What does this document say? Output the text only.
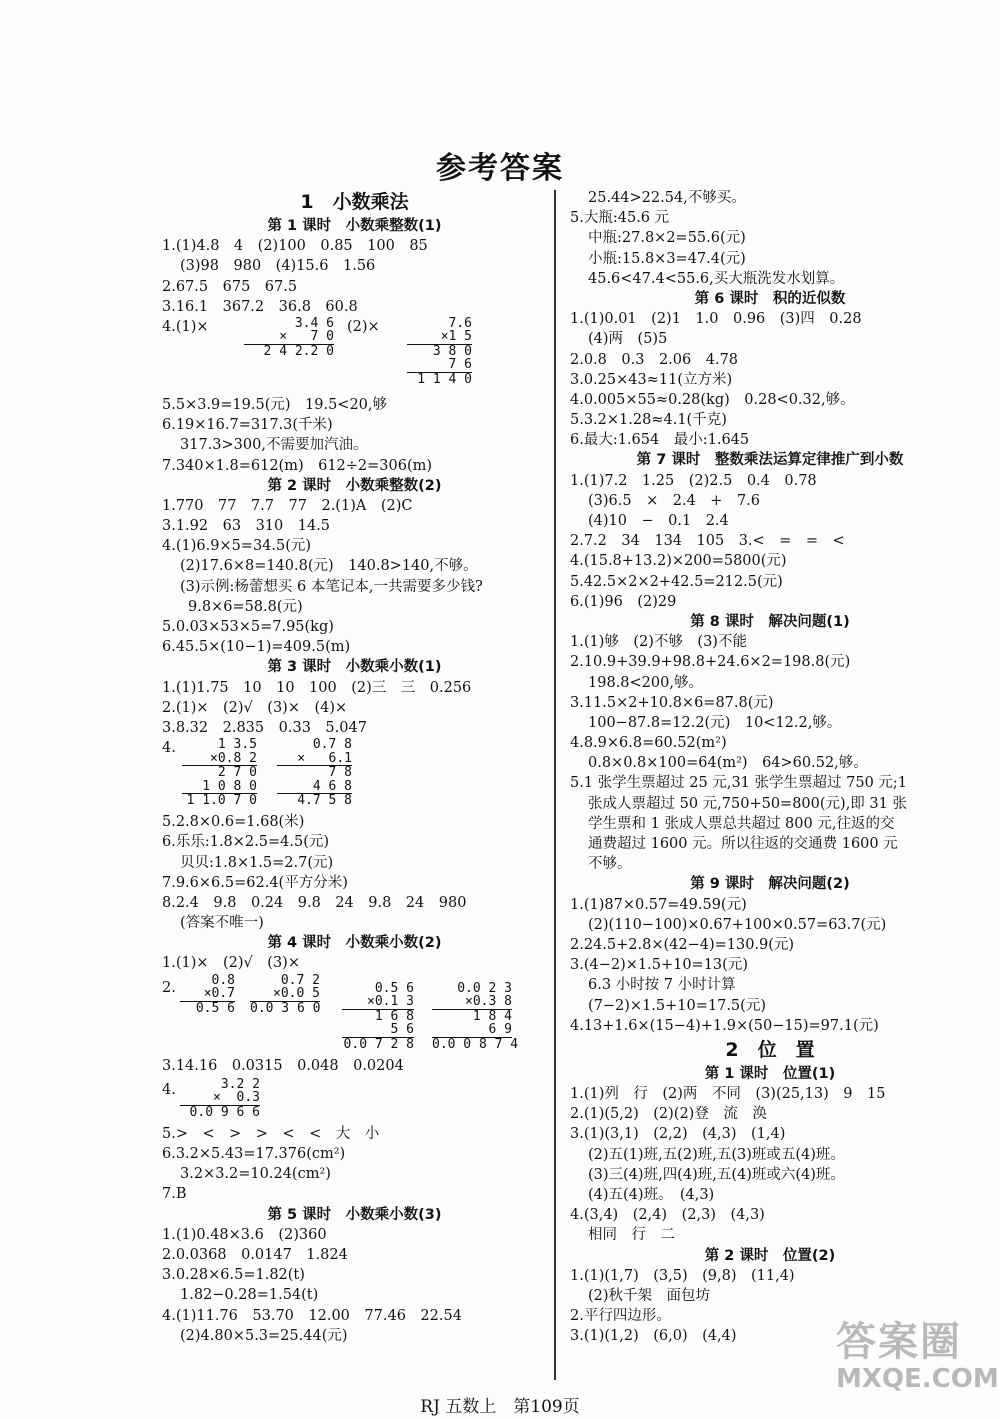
参考答案
1　小数乘法
第 1 课时　小数乘整数(1)
1.(1)4.8　4　(2)100　0.85　100　85
(3)98　980　(4)15.6　1.56
2.67.5　675　67.5
3.16.1　367.2　36.8　60.8
4.(1)×	3.4 6
×   7 0
2 4 2.2 0
(2)×	7.6
×1 5
3 8 0
7 6
1 1 4 0
5.5×3.9=19.5(元)　19.5<20,够
6.19×16.7=317.3(千米)
317.3>300,不需要加汽油。
7.340×1.8=612(m)　612÷2=306(m)
第 2 课时　小数乘整数(2)
1.770　77　7.7　77　2.(1)A　(2)C
3.1.92　63　310　14.5
4.(1)6.9×5=34.5(元)
(2)17.6×8=140.8(元)　140.8>140,不够。
(3)示例:杨蕾想买 6 本笔记本,一共需要多少钱?
9.8×6=58.8(元)
5.0.03×53×5=7.95(kg)
6.45.5×(10−1)=409.5(m)
第 3 课时　小数乘小数(1)
1.(1)1.75　10　10　100　(2)三　三　0.256
2.(1)×　(2)√　(3)×　(4)×
3.8.32　2.835　0.33　5.047
4.	1 3.5
×0.8 2
2 7 0
1 0 8 0
1 1.0 7 0
0.7 8
×   6.1
7 8
4 6 8
4.7 5 8
5.2.8×0.6=1.68(米)
6.乐乐:1.8×2.5=4.5(元)
贝贝:1.8×1.5=2.7(元)
7.9.6×6.5=62.4(平方分米)
8.2.4　9.8　0.24　9.8　24　9.8　24　980
(答案不唯一)
第 4 课时　小数乘小数(2)
1.(1)×　(2)√　(3)×
2.	0.8
×0.7
0.5 6
0.7 2
×0.0 5
0.0 3 6 0
0.5 6
×0.1 3
1 6 8
5 6
0.0 7 2 8
0.0 2 3
×0.3 8
1 8 4
6 9
0.0 0 8 7 4
3.14.16　0.0315　0.048　0.0204
4.	3.2 2
×  0.3
0.0 9 6 6
5.>　<　>　>　<　<　大　小
6.3.2×5.43=17.376(cm²)
3.2×3.2=10.24(cm²)
7.B
第 5 课时　小数乘小数(3)
1.(1)0.48×3.6　(2)360
2.0.0368　0.0147　1.824
3.0.28×6.5=1.82(t)
1.82−0.28=1.54(t)
4.(1)11.76　53.70　12.00　77.46　22.54
(2)4.80×5.3=25.44(元)
25.44>22.54,不够买。
5.大瓶:45.6 元
中瓶:27.8×2=55.6(元)
小瓶:15.8×3=47.4(元)
45.6<47.4<55.6,买大瓶洗发水划算。
第 6 课时　积的近似数
1.(1)0.01　(2)1　1.0　0.96　(3)四　0.28
(4)两　(5)5
2.0.8　0.3　2.06　4.78
3.0.25×43≈11(立方米)
4.0.005×55≈0.28(kg)　0.28<0.32,够。
5.3.2×1.28≈4.1(千克)
6.最大:1.654　最小:1.645
第 7 课时　整数乘法运算定律推广到小数
1.(1)7.2　1.25　(2)2.5　0.4　0.78
(3)6.5　×　2.4　+　7.6
(4)10　−　0.1　2.4
2.7.2　34　134　105　3.<　=　=　<
4.(15.8+13.2)×200=5800(元)
5.42.5×2×2+42.5=212.5(元)
6.(1)96　(2)29
第 8 课时　解决问题(1)
1.(1)够　(2)不够　(3)不能
2.10.9+39.9+98.8+24.6×2=198.8(元)
198.8<200,够。
3.11.5×2+10.8×6=87.8(元)
100−87.8=12.2(元)　10<12.2,够。
4.8.9×6.8=60.52(m²)
0.8×0.8×100=64(m²)　64>60.52,够。
5.1 张学生票超过 25 元,31 张学生票超过 750 元;1
张成人票超过 50 元,750+50=800(元),即 31 张
学生票和 1 张成人票总共超过 800 元,往返的交
通费超过 1600 元。所以往返的交通费 1600 元
不够。
第 9 课时　解决问题(2)
1.(1)87×0.57=49.59(元)
(2)(110−100)×0.67+100×0.57=63.7(元)
2.24.5+2.8×(42−4)=130.9(元)
3.(4−2)×1.5+10=13(元)
6.3 小时按 7 小时计算
(7−2)×1.5+10=17.5(元)
4.13+1.6×(15−4)+1.9×(50−15)=97.1(元)
2　位　置
第 1 课时　位置(1)
1.(1)列　行　(2)两　不同　(3)(25,13)　9　15
2.(1)(5,2)　(2)(2)登　流　涣
3.(1)(3,1)　(2,2)　(4,3)　(1,4)
(2)五(1)班,五(2)班,五(3)班或五(4)班。
(3)三(4)班,四(4)班,五(4)班或六(4)班。
(4)五(4)班。　(4,3)
4.(3,4)　(2,4)　(2,3)　(4,3)
相同　行　二
第 2 课时　位置(2)
1.(1)(1,7)　(3,5)　(9,8)　(11,4)
(2)秋千架　面包坊
2.平行四边形。
3.(1)(1,2)　(6,0)　(4,4)
RJ 五数上　第109页
答案圈
MXQE.COM
